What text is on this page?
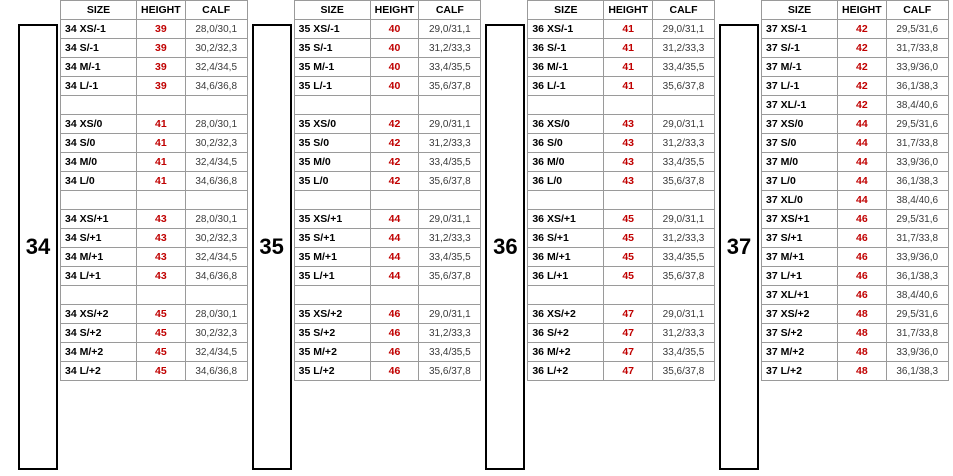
34
SIZE	HEIGHT	CALF
34 XS/-1	39	28,0/30,1
34 S/-1	39	30,2/32,3
34 M/-1	39	32,4/34,5
34 L/-1	39	34,6/36,8

34 XS/0	41	28,0/30,1
34 S/0	41	30,2/32,3
34 M/0	41	32,4/34,5
34 L/0	41	34,6/36,8

34 XS/+1	43	28,0/30,1
34 S/+1	43	30,2/32,3
34 M/+1	43	32,4/34,5
34 L/+1	43	34,6/36,8

34 XS/+2	45	28,0/30,1
34 S/+2	45	30,2/32,3
34 M/+2	45	32,4/34,5
34 L/+2	45	34,6/36,8
35
SIZE	HEIGHT	CALF
35 XS/-1	40	29,0/31,1
35 S/-1	40	31,2/33,3
35 M/-1	40	33,4/35,5
35 L/-1	40	35,6/37,8

35 XS/0	42	29,0/31,1
35 S/0	42	31,2/33,3
35 M/0	42	33,4/35,5
35 L/0	42	35,6/37,8

35 XS/+1	44	29,0/31,1
35 S/+1	44	31,2/33,3
35 M/+1	44	33,4/35,5
35 L/+1	44	35,6/37,8

35 XS/+2	46	29,0/31,1
35 S/+2	46	31,2/33,3
35 M/+2	46	33,4/35,5
35 L/+2	46	35,6/37,8
36
SIZE	HEIGHT	CALF
36 XS/-1	41	29,0/31,1
36 S/-1	41	31,2/33,3
36 M/-1	41	33,4/35,5
36 L/-1	41	35,6/37,8

36 XS/0	43	29,0/31,1
36 S/0	43	31,2/33,3
36 M/0	43	33,4/35,5
36 L/0	43	35,6/37,8

36 XS/+1	45	29,0/31,1
36 S/+1	45	31,2/33,3
36 M/+1	45	33,4/35,5
36 L/+1	45	35,6/37,8

36 XS/+2	47	29,0/31,1
36 S/+2	47	31,2/33,3
36 M/+2	47	33,4/35,5
36 L/+2	47	35,6/37,8
37
SIZE	HEIGHT	CALF
37 XS/-1	42	29,5/31,6
37 S/-1	42	31,7/33,8
37 M/-1	42	33,9/36,0
37 L/-1	42	36,1/38,3
37 XL/-1	42	38,4/40,6
37 XS/0	44	29,5/31,6
37 S/0	44	31,7/33,8
37 M/0	44	33,9/36,0
37 L/0	44	36,1/38,3
37 XL/0	44	38,4/40,6
37 XS/+1	46	29,5/31,6
37 S/+1	46	31,7/33,8
37 M/+1	46	33,9/36,0
37 L/+1	46	36,1/38,3
37 XL/+1	46	38,4/40,6
37 XS/+2	48	29,5/31,6
37 S/+2	48	31,7/33,8
37 M/+2	48	33,9/36,0
37 L/+2	48	36,1/38,3
